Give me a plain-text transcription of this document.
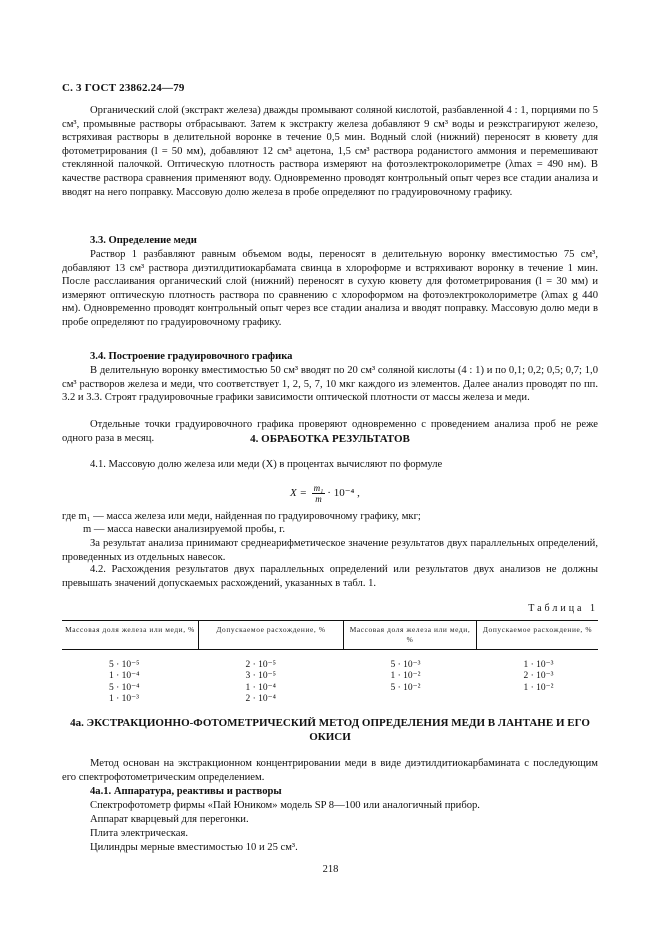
С. 3 ГОСТ 23862.24—79

Органический слой (экстракт железа) дважды промывают соляной кислотой, разбавленной 4 : 1, порциями по 5 см³, промывные растворы отбрасывают. Затем к экстракту железа добавляют 9 см³ воды и реэкстрагируют железо, встряхивая растворы в делительной воронке в течение 0,5 мин. Водный слой (нижний) переносят в кювету для фотометрирования (l = 50 мм), добавляют 12 см³ ацетона, 1,5 см³ раствора роданистого аммония и перемешивают стеклянной палочкой. Оптическую плотность раствора измеряют на фотоэлектроколориметре (λmax = 490 нм). В качестве раствора сравнения применяют воду. Одновременно проводят контрольный опыт через все стадии анализа и вводят на него поправку. Массовую долю железа в пробе определяют по градуировочному графику.

3.3. Определение меди

Раствор 1 разбавляют равным объемом воды, переносят в делительную воронку вместимостью 75 см³, добавляют 13 см³ раствора диэтилдитиокарбамата свинца в хлороформе и встряхивают воронку в течение 1 мин. После расслаивания органический слой (нижний) переносят в сухую кювету для фотометрирования (l = 30 мм) и измеряют оптическую плотность раствора по сравнению с хлороформом на фотоэлектроколориметре (λmax g 440 нм). Одновременно проводят контрольный опыт через все стадии анализа и вводят поправку. Массовую долю меди в пробе определяют по градуировочному графику.

3.4. Построение градуировочного графика

В делительную воронку вместимостью 50 см³ вводят по 20 см³ соляной кислоты (4 : 1) и по 0,1; 0,2; 0,5; 0,7; 1,0 см³ растворов железа и меди, что соответствует 1, 2, 5, 7, 10 мкг каждого из элементов. Далее анализ проводят по пп. 3.2 и 3.3. Строят градуировочные графики зависимости оптической плотности от массы железа и меди.

Отдельные точки градуировочного графика проверяют одновременно с проведением анализа проб не реже одного раза в месяц.	4. ОБРАБОТКА РЕЗУЛЬТАТОВ

4.1. Массовую долю железа или меди (X) в процентах вычисляют по формуле

$X = \frac{\text{m₁}}{m} \cdot 10^{-4}$ ,
где m₁ — масса железа или меди, найденная по градуировочному графику, мкг;
m — масса навески анализируемой пробы, г.

За результат анализа принимают среднеарифметическое значение результатов двух параллельных определений, проведенных из отдельных навесок.

4.2. Расхождения результатов двух параллельных определений или результатов двух анализов не должны превышать значений допускаемых расхождений, указанных в табл. 1.

Таблица 1
Массовая доля железа или меди, %	Допускаемое расхождение, %	Массовая доля железа или меди, %	Допускаемое расхождение, %
5 · 10⁻⁵	2 · 10⁻⁵	5 · 10⁻³	1 · 10⁻³
1 · 10⁻⁴	3 · 10⁻⁵	1 · 10⁻²	2 · 10⁻³
5 · 10⁻⁴	1 · 10⁻⁴	5 · 10⁻²	1 · 10⁻²
1 · 10⁻³	2 · 10⁻⁴		
4а. ЭКСТРАКЦИОННО-ФОТОМЕТРИЧЕСКИЙ МЕТОД ОПРЕДЕЛЕНИЯ МЕДИ В ЛАНТАНЕ И ЕГО ОКИСИ

Метод основан на экстракционном концентрировании меди в виде диэтилдитиокарбамината с последующим его спектрофотометрическим определением.

4а.1. Аппаратура, реактивы и растворы
Спектрофотометр фирмы «Пай Юником» модель SP 8—100 или аналогичный прибор.
Аппарат кварцевый для перегонки.
Плита электрическая.
Цилиндры мерные вместимостью 10 и 25 см³.
218
